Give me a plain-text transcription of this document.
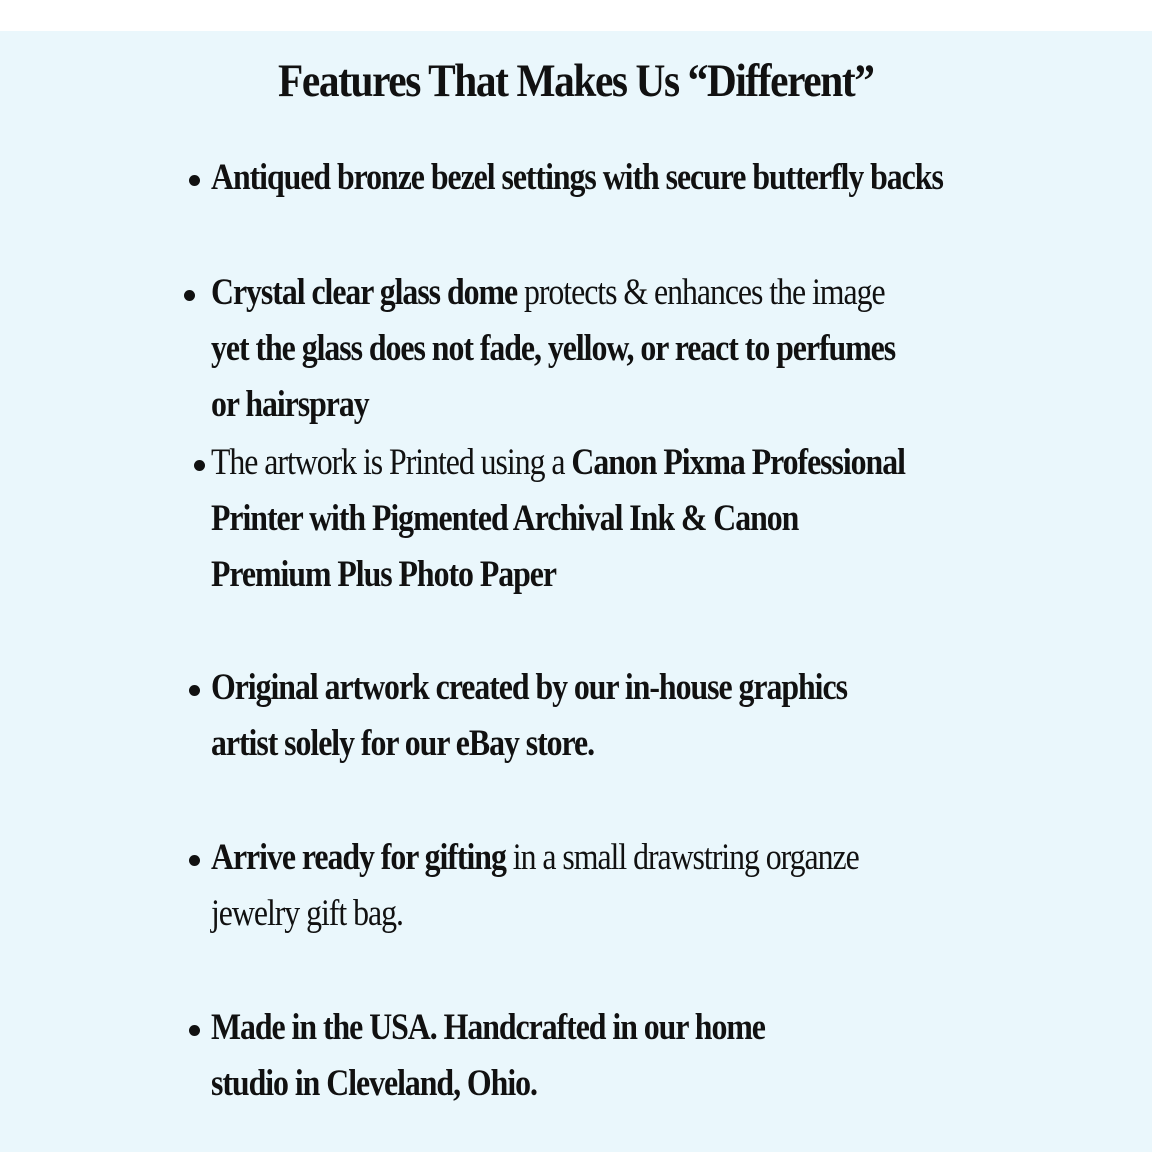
Features That Makes Us “Different”
Antiqued bronze bezel settings with secure butterfly backs
Crystal clear glass dome protects & enhances the image yet the glass does not fade, yellow, or react to perfumes or hairspray
The artwork is Printed using a Canon Pixma Professional Printer with Pigmented Archival Ink & Canon Premium Plus Photo Paper
Original artwork created by our in-house graphics artist solely for our eBay store.
Arrive ready for gifting in a small drawstring organze jewelry gift bag.
Made in the USA. Handcrafted in our home studio in Cleveland, Ohio.
